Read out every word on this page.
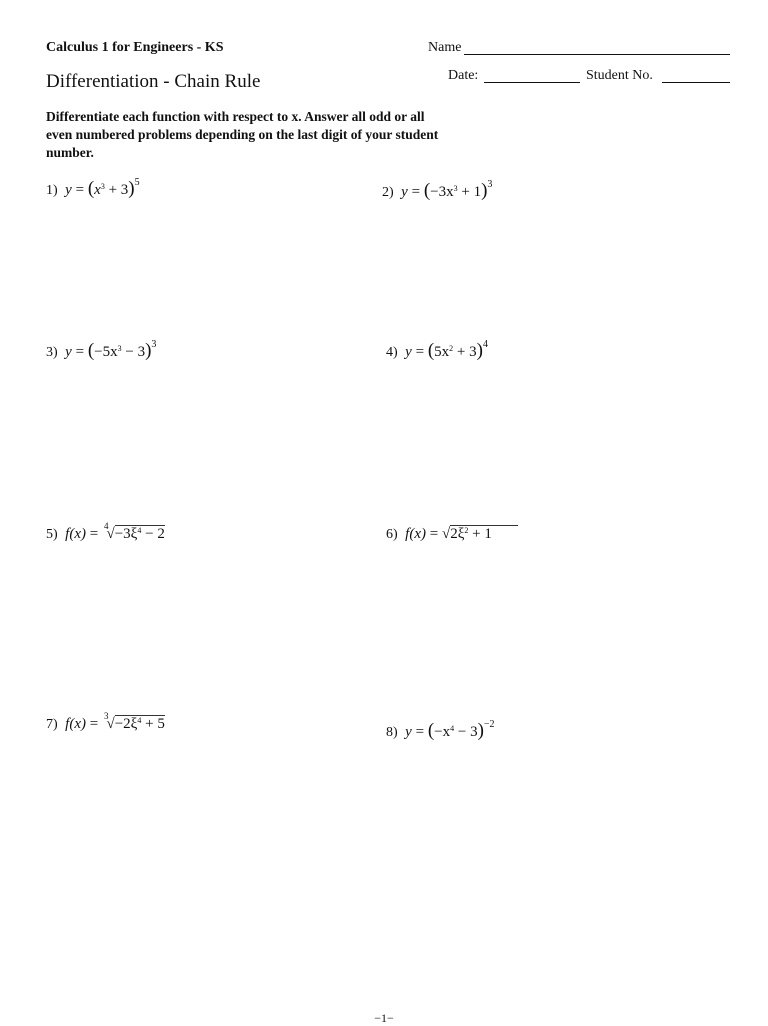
Calculus 1 for Engineers - KS	Name
Differentiation - Chain Rule	Date:	Student No.
Differentiate each function with respect to x. Answer all odd or all even numbered problems depending on the last digit of your student number.
1) $y = (x^3 + 3)^5$
2) $y = (-3x^3 + 1)^3$
3) $y = (-5x^3 - 3)^3$
4) $y = (5x^2 + 3)^4$
5) $f(x) = ^4√-3\xi^4 - 2$	6) $f(x) = √2\xi^2 + 1$
7) $f(x) = ^3√-2\xi^4 + 5$
8) $y = (-x^4 - 3)^{-2}$
−1−
